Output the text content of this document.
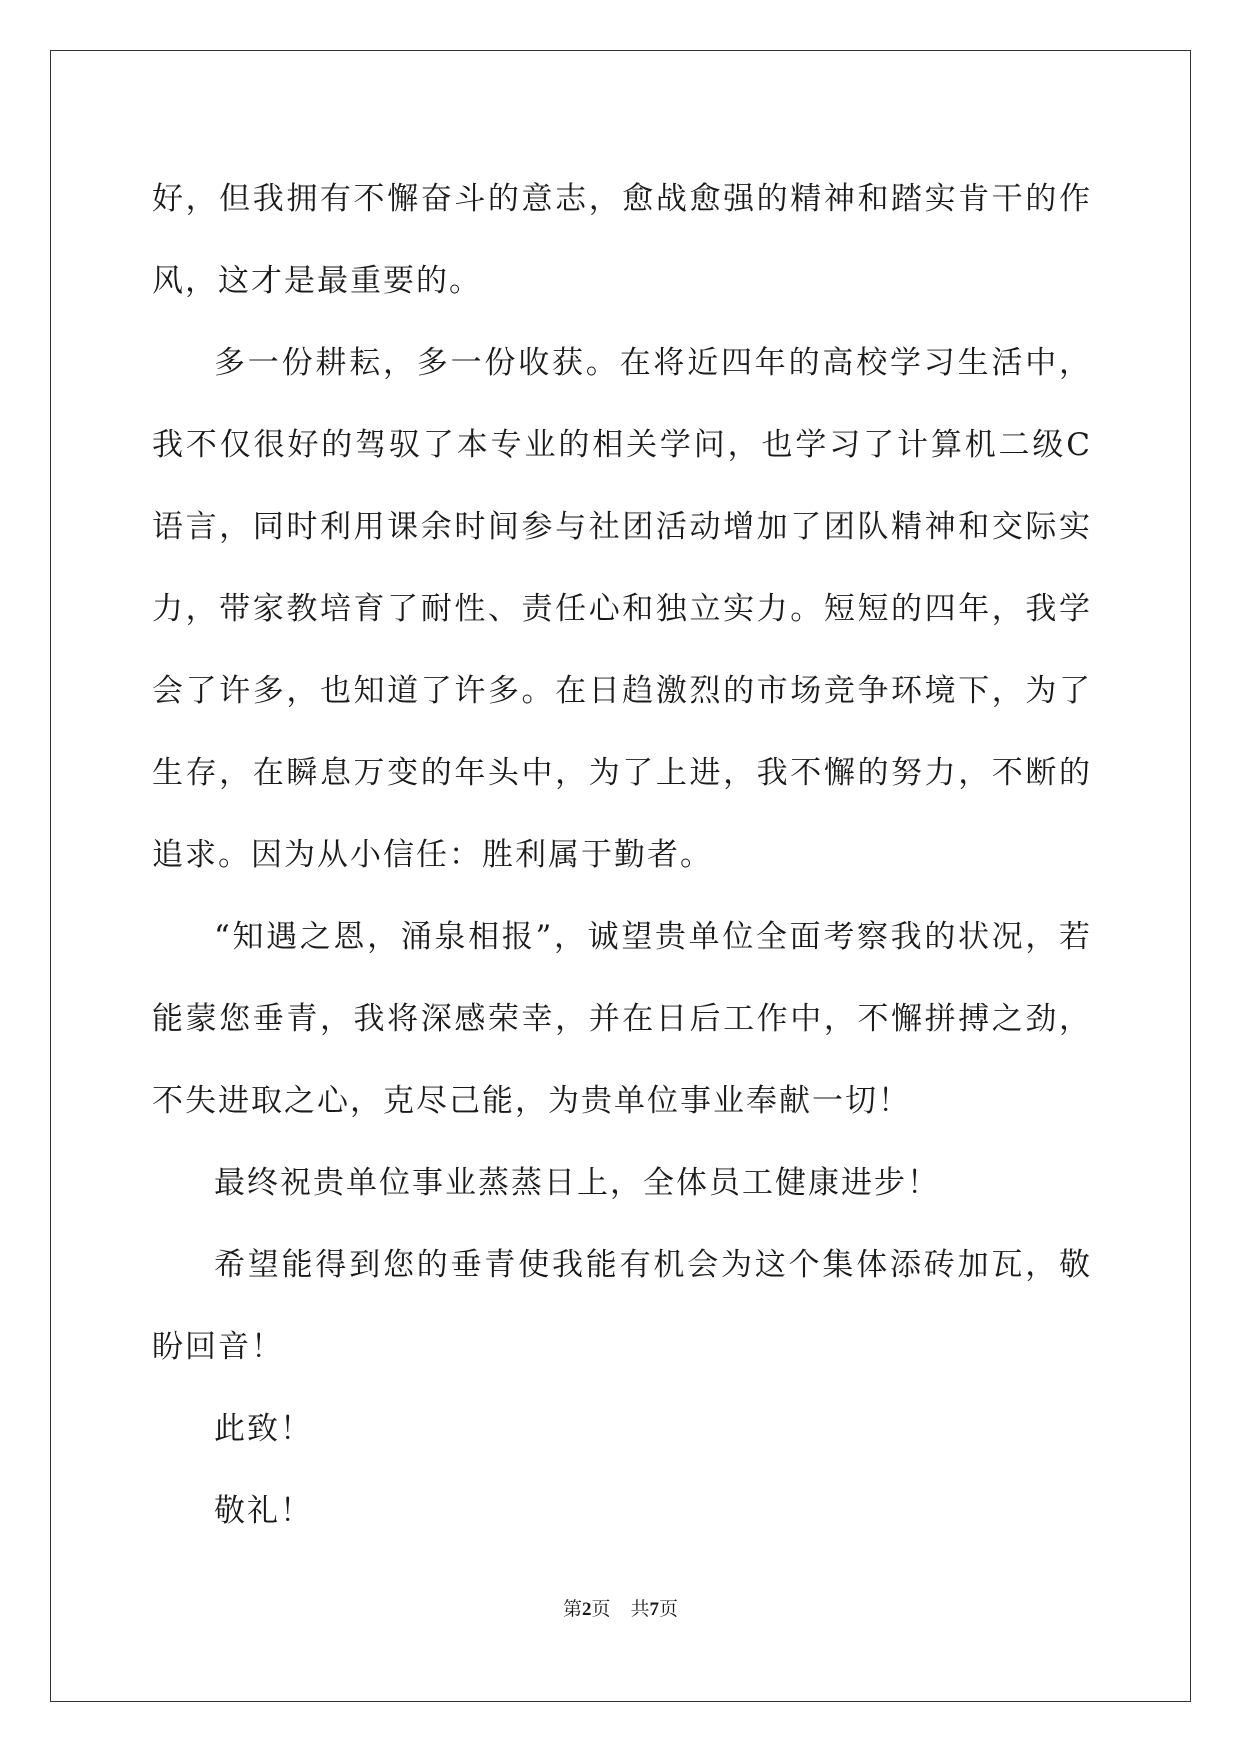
好，但我拥有不懈奋斗的意志，愈战愈强的精神和踏实肯干的作风，这才是最重要的。

多一份耕耘，多一份收获。在将近四年的高校学习生活中，我不仅很好的驾驭了本专业的相关学问，也学习了计算机二级C语言，同时利用课余时间参与社团活动增加了团队精神和交际实力，带家教培育了耐性、责任心和独立实力。短短的四年，我学会了许多，也知道了许多。在日趋激烈的市场竞争环境下，为了生存，在瞬息万变的年头中，为了上进，我不懈的努力，不断的追求。因为从小信任：胜利属于勤者。

“知遇之恩，涌泉相报”，诚望贵单位全面考察我的状况，若能蒙您垂青，我将深感荣幸，并在日后工作中，不懈拼搏之劲，不失进取之心，克尽己能，为贵单位事业奉献一切！

最终祝贵单位事业蒸蒸日上，全体员工健康进步！

希望能得到您的垂青使我能有机会为这个集体添砖加瓦，敬盼回音！

此致！

敬礼！

第2页 共7页
